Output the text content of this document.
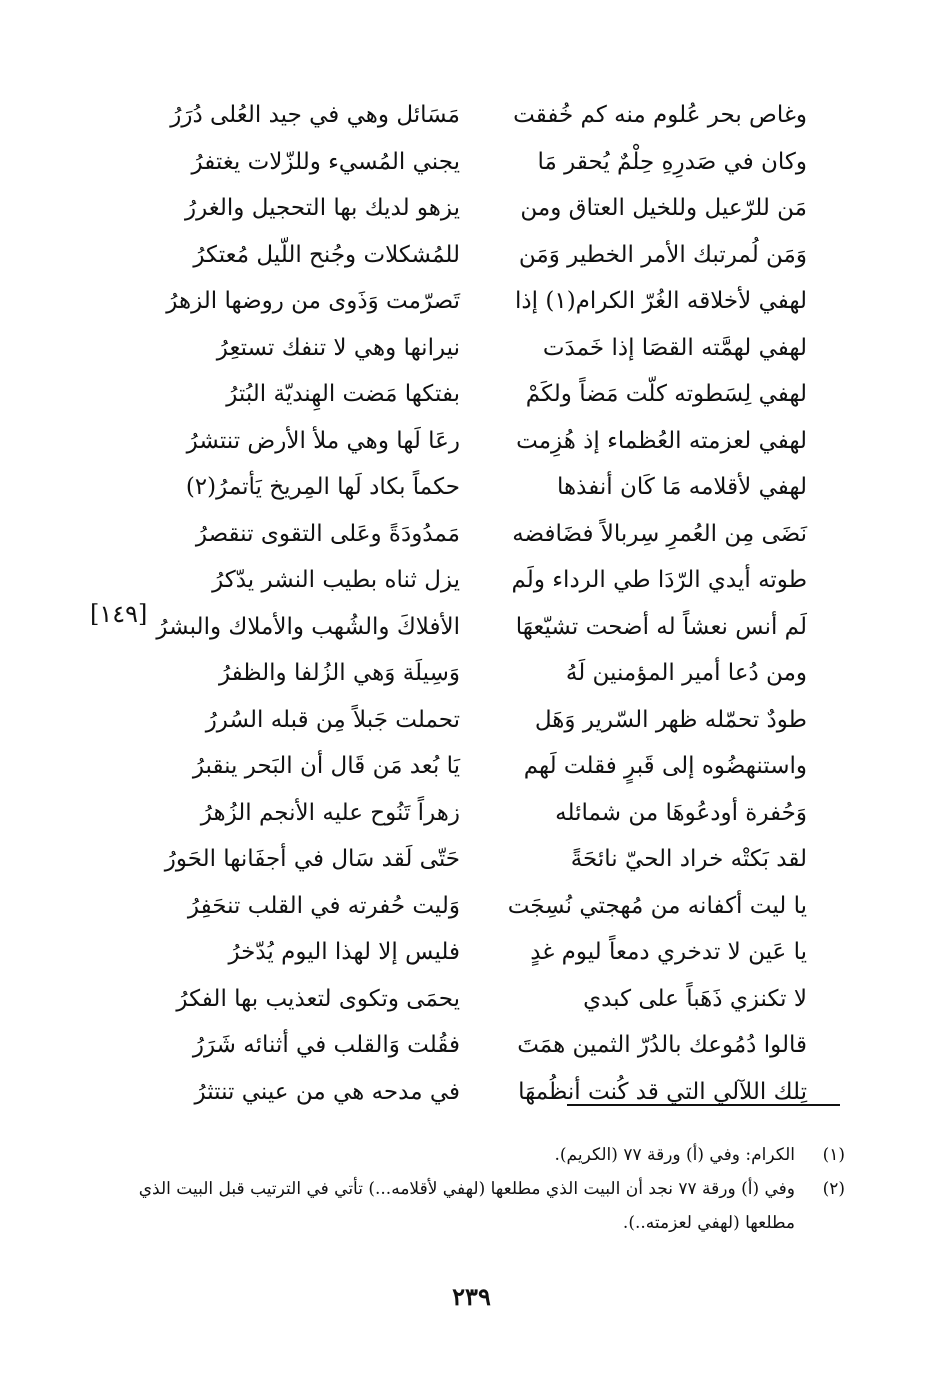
وغاص بحر عُلوم منه كم خُفقت
وكان في صَدرِهِ حِلْمٌ يُحقر مَا
مَن للرّعيل وللخيل العتاق ومن
وَمَن لُمرتبك الأمر الخطير وَمَن
لهفي لأخلاقه الغُرّ الكرام(١) إذا
لهفي لهمَّته القصَا إذا خَمدَت
لهفي لِسَطوته كلّت مَضاً ولكَمْ
لهفي لعزمته العُظماء إذ هُزِمت
لهفي لأقلامه مَا كَان أنفذها
نَضَى مِن العُمرِ سِربالاً فضَافضه
طوته أيدي الرّدَا طي الرداء ولَم
لَم أنس نعشاً له أضحت تشيّعهَا
ومن دُعا أمير المؤمنين لَهُ
طودٌ تحمّله ظهر السّرير وَهَل
واستنهضُوه إلى قَبرٍ فقلت لَهم
وَحُفرة أودعُوهَا من شمائله
لقد بَكتْه خراد الحيّ نائحَةً
يا ليت أكفانه من مُهجتي نُسِجَت
يا عَين لا تدخري دمعاً ليوم غدٍ
لا تكنزي ذَهَباً على كبدي
قالوا دُمُوعك بالدُرّ الثمين همَتَ
تِلك اللآلي التي قد كُنت أنظُمهَا
مَسَائل وهي في جيد العُلى دُرَرُ
يجني المُسيء وللزّلات يغتفرُ
يزهو لديك بها التحجيل والغررُ
للمُشكلات وجُنح اللّيل مُعتكرُ
تَصرّمت وَذَوى من روضها الزهرُ
نيرانها وهي لا تنفك تستعِرُ
بفتكها مَضت الهِنديّة البُترُ
رعَا لَها وهي ملأ الأرض تنتشرُ
حكماً بكاد لَها المِريخ يَأتمرُ(٢)
مَمدُودَةً وعَلى التقوى تنقصرُ
يزل ثناه بطيب النشر يدّكرُ
الأفلاكَ والشُهب والأملاك والبشرُ
وَسِيلَة وَهي الزُلفا والظفرُ
تحملت جَبلاً مِن قبله السُررُ
يَا بُعد مَن قَال أن البَحر ينقبرُ
زهراً تَنُوح عليه الأنجم الزُهرُ
حَتّى لَقد سَال في أجفَانها الحَورُ
وَليت حُفرته في القلب تنحَفِرُ
فليس إلا لهذا اليوم يُدّخرُ
يحمَى وتكوى لتعذيب بها الفكرُ
فقُلت وَالقلب في أثنائه شَرَرُ
في مدحه هي من عيني تنتثرُ
[١٤٩]
(١)
الكرام: وفي (أ) ورقة ٧٧ (الكريم).
(٢)
وفي (أ) ورقة ٧٧ نجد أن البيت الذي مطلعها (لهفي لأقلامه...) تأتي في الترتيب قبل البيت الذي مطلعها (لهفي لعزمته..).
٢٣٩
